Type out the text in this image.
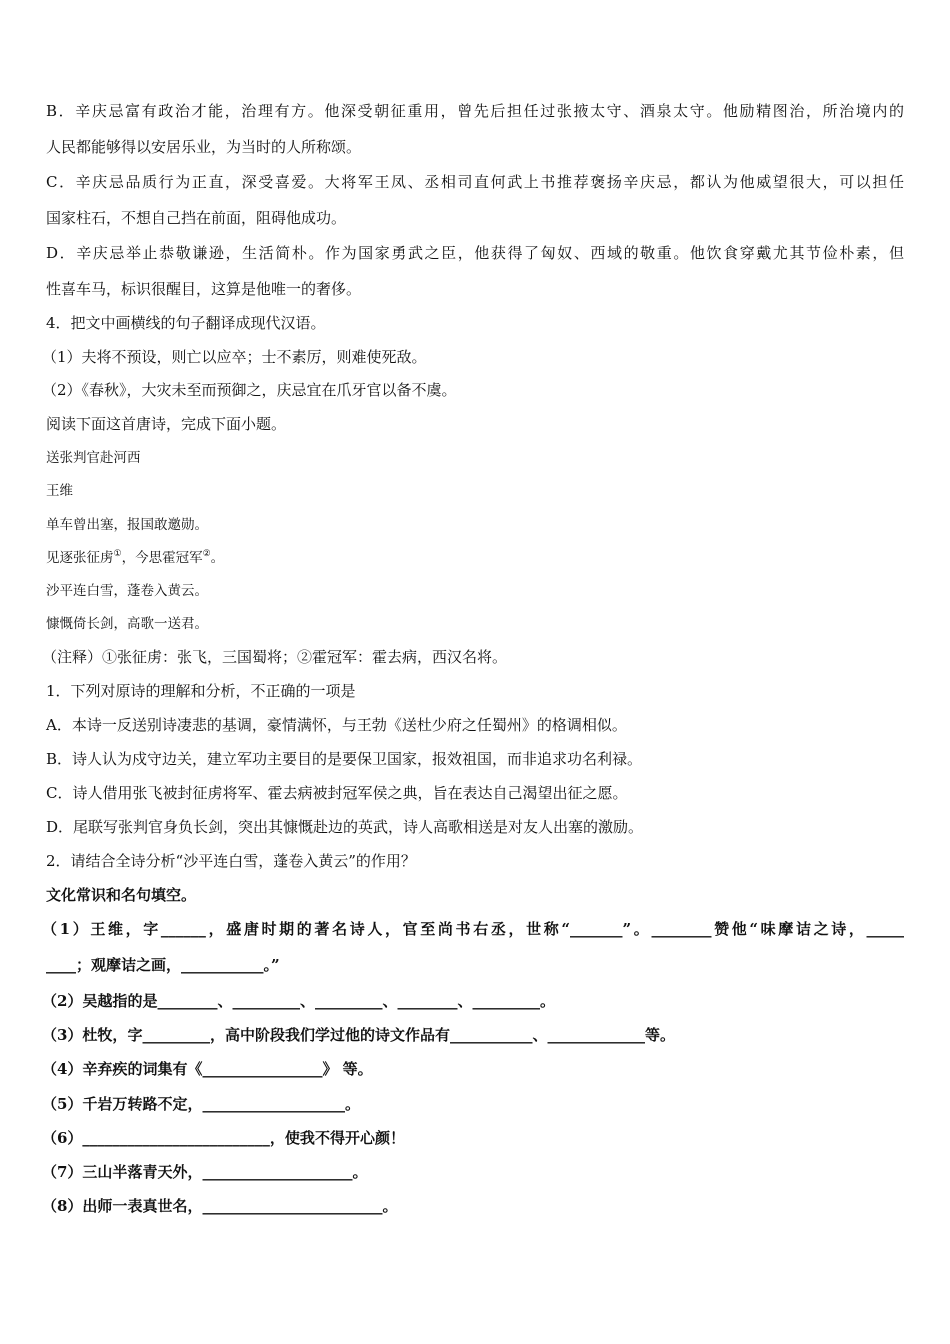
B．辛庆忌富有政治才能，治理有方。他深受朝征重用，曾先后担任过张掖太守、酒泉太守。他励精图治，所治境内的
人民都能够得以安居乐业，为当时的人所称颂。
C．辛庆忌品质行为正直，深受喜爱。大将军王凤、丞相司直何武上书推荐褒扬辛庆忌，都认为他威望很大，可以担任
国家柱石，不想自己挡在前面，阻碍他成功。
D．辛庆忌举止恭敬谦逊，生活简朴。作为国家勇武之臣，他获得了匈奴、西域的敬重。他饮食穿戴尤其节俭朴素，但
性喜车马，标识很醒目，这算是他唯一的奢侈。
4．把文中画横线的句子翻译成现代汉语。
（1）夫将不预设，则亡以应卒；士不素厉，则难使死敌。
（2）《春秋》，大灾未至而预御之，庆忌宜在爪牙官以备不虞。
阅读下面这首唐诗，完成下面小题。
送张判官赴河西
王维
单车曾出塞，报国敢邀勋。
见逐张征虏①，今思霍冠军②。
沙平连白雪，蓬卷入黄云。
慷慨倚长剑，高歌一送君。
（注释）①张征虏：张飞，三国蜀将；②霍冠军：霍去病，西汉名将。
1．下列对原诗的理解和分析，不正确的一项是
A．本诗一反送别诗凄悲的基调，豪情满怀，与王勃《送杜少府之任蜀州》的格调相似。
B．诗人认为戍守边关，建立军功主要目的是要保卫国家，报效祖国，而非追求功名利禄。
C．诗人借用张飞被封征虏将军、霍去病被封冠军侯之典，旨在表达自己渴望出征之愿。
D．尾联写张判官身负长剑，突出其慷慨赴边的英武，诗人高歌相送是对友人出塞的激励。
2．请结合全诗分析“沙平连白雪，蓬卷入黄云”的作用？
文化常识和名句填空。
（1）王维，字______，盛唐时期的著名诗人，官至尚书右丞，世称“_______”。________赞他“味摩诘之诗，_____
____；观摩诘之画，___________。”
（2）吴越指的是________、_________、_________、________、_________。
（3）杜牧，字_________，高中阶段我们学过他的诗文作品有___________、_____________等。
（4）辛弃疾的词集有《________________》 等。
（5）千岩万转路不定，___________________。
（6）_________________________，使我不得开心颜！
（7）三山半落青天外，____________________。
（8）出师一表真世名，________________________。
